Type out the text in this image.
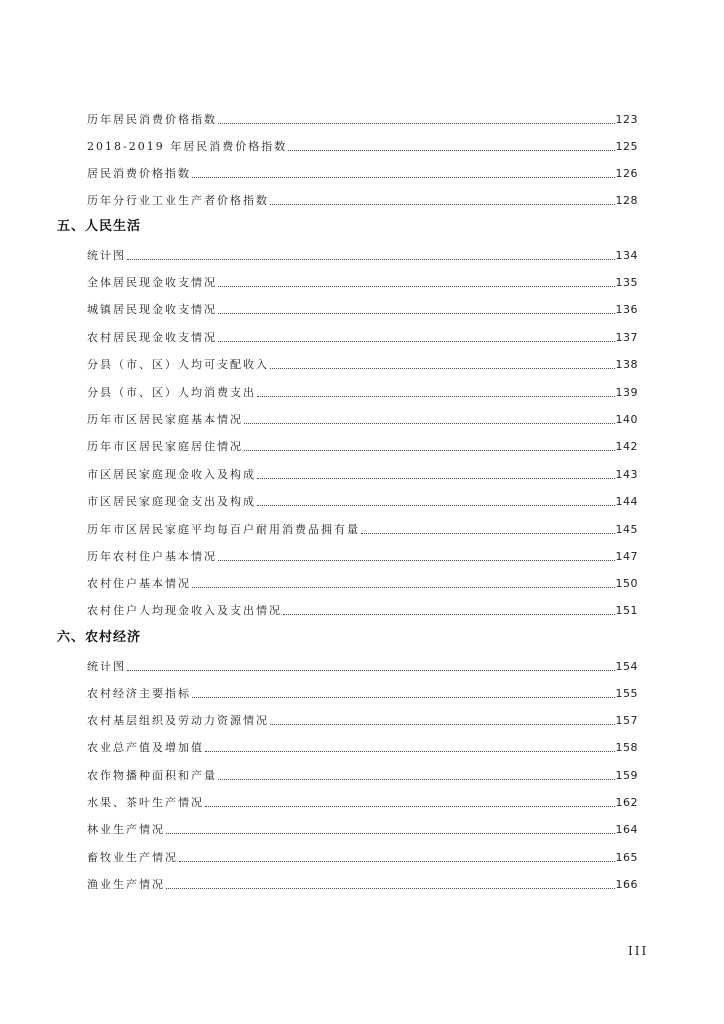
历年居民消费价格指数	123
2018-2019 年居民消费价格指数	125
居民消费价格指数	126
历年分行业工业生产者价格指数	128
五、人民生活
统计图	134
全体居民现金收支情况	135
城镇居民现金收支情况	136
农村居民现金收支情况	137
分县（市、区）人均可支配收入	138
分县（市、区）人均消费支出	139
历年市区居民家庭基本情况	140
历年市区居民家庭居住情况	142
市区居民家庭现金收入及构成	143
市区居民家庭现金支出及构成	144
历年市区居民家庭平均每百户耐用消费品拥有量	145
历年农村住户基本情况	147
农村住户基本情况	150
农村住户人均现金收入及支出情况	151
六、农村经济
统计图	154
农村经济主要指标	155
农村基层组织及劳动力资源情况	157
农业总产值及增加值	158
农作物播种面积和产量	159
水果、茶叶生产情况	162
林业生产情况	164
畜牧业生产情况	165
渔业生产情况	166
III
